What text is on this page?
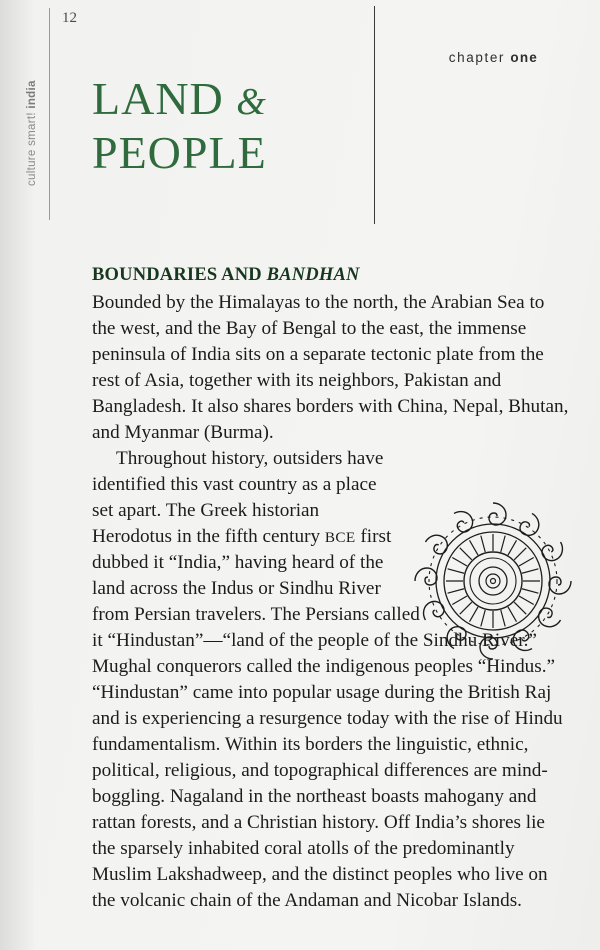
culture smart! india
12
chapter one
LAND &
PEOPLE
BOUNDARIES AND BANDHAN

Bounded by the Himalayas to the north, the Arabian Sea to the west, and the Bay of Bengal to the east, the immense peninsula of India sits on a separate tectonic plate from the rest of Asia, together with its neighbors, Pakistan and Bangladesh. It also shares borders with China, Nepal, Bhutan, and Myanmar (Burma).

Throughout history, outsiders have identified this vast country as a place set apart. The Greek historian Herodotus in the fifth century BCE first dubbed it “India,” having heard of the land across the Indus or Sindhu River from Persian travelers. The Persians called it “Hindustan”—“land of the people of the Sindhu River.” Mughal conquerors called the indigenous peoples “Hindus.” “Hindustan” came into popular usage during the British Raj and is experiencing a resurgence today with the rise of Hindu fundamentalism. Within its borders the linguistic, ethnic, political, religious, and topographical differences are mind-boggling. Nagaland in the northeast boasts mahogany and rattan forests, and a Christian history. Off India’s shores lie the sparsely inhabited coral atolls of the predominantly Muslim Lakshadweep, and the distinct peoples who live on the volcanic chain of the Andaman and Nicobar Islands.
